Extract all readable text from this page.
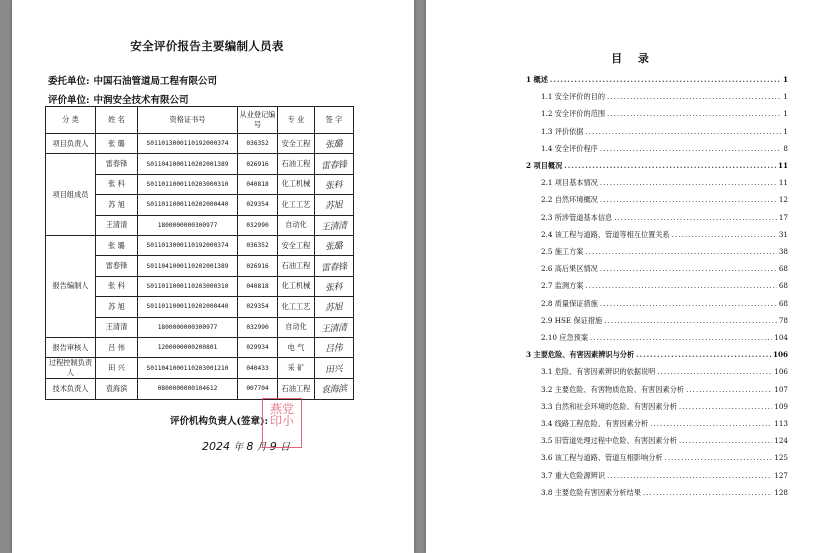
安全评价报告主要编制人员表
委托单位: 中国石油管道局工程有限公司
评价单位: 中润安全技术有限公司
分 类	姓 名	资格证书号	从业登记编号	专 业	签 字
项目负责人	张 璐	S011013000110192000374	036352	安全工程	张璐
项目组成员	雷春锋	S011041000110202001389	026916	石油工程	雷春锋
	张 科	S011011000110203000310	040818	化工机械	张科
	苏 旭	S011011000110202000440	029354	化工工艺	苏旭
	王清清	1800000000300977	032990	自动化	王清清
报告编制人	张 璐	S011013000110192000374	036352	安全工程	张璐
	雷春锋	S011041000110202001389	026916	石油工程	雷春锋
	张 科	S011011000110203000310	040818	化工机械	张科
	苏 旭	S011011000110202000440	029354	化工工艺	苏旭
	王清清	1800000000300977	032990	自动化	王清清
报告审核人	吕 伟	1200000000200801	029934	电 气	吕伟
过程控制负责人	田 兴	S011041000110203001210	040433	采 矿	田兴
技术负责人	袁海滨	0800000000104612	007704	石油工程	袁海滨
评价机构负责人(签章):
2024 年 8 月 9 日
燕党
印小
目 录
1 概述 .....	1
1.1 安全评价的目的 .....	1
1.2 安全评价的范围 .....	1
1.3 评价依据 .....	1
1.4 安全评价程序 .....	8
2 项目概况 .....	11
2.1 项目基本情况 .....	11
2.2 自然环境概况 .....	12
2.3 所涉管道基本信息 .....	17
2.4 该工程与道路、管道等相互位置关系 .....	31
2.5 施工方案 .....	38
2.6 高后果区情况 .....	68
2.7 监测方案 .....	68
2.8 质量保证措施 .....	68
2.9 HSE 保证措施 .....	78
2.10 应急预案 .....	104
3 主要危险、有害因素辨识与分析 .....	106
3.1 危险、有害因素辨识的依据说明 .....	106
3.2 主要危险、有害物质危险、有害因素分析 .....	107
3.3 自然和社会环境的危险、有害因素分析 .....	109
3.4 线路工程危险、有害因素分析 .....	113
3.5 旧管道处理过程中危险、有害因素分析 .....	124
3.6 该工程与道路、管道互相影响分析 .....	125
3.7 重大危险源辨识 .....	127
3.8 主要危险有害因素分析结果 .....	128
